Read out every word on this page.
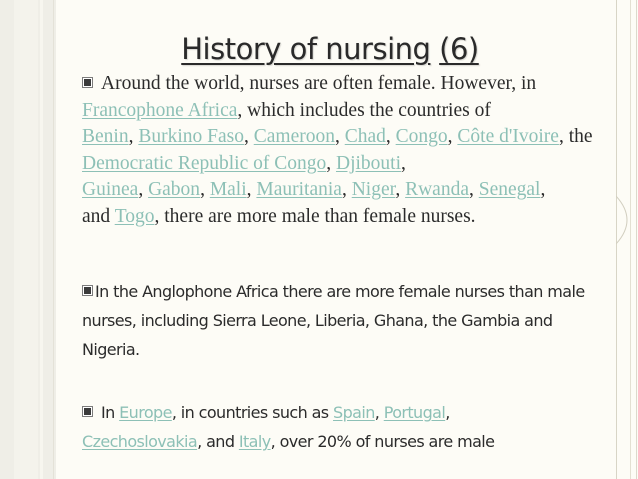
History of nursing (6)

Around the world, nurses are often female. However, in
Francophone Africa, which includes the countries of
Benin, Burkino Faso, Cameroon, Chad, Congo, Côte d'Ivoire, the Democratic Republic of Congo, Djibouti,
Guinea, Gabon, Mali, Mauritania, Niger, Rwanda, Senegal,
and Togo, there are more male than female nurses.

In the Anglophone Africa there are more female nurses than male nurses, including Sierra Leone, Liberia, Ghana, the Gambia and Nigeria.

In Europe, in countries such as Spain, Portugal,
Czechoslovakia, and Italy, over 20% of nurses are male
